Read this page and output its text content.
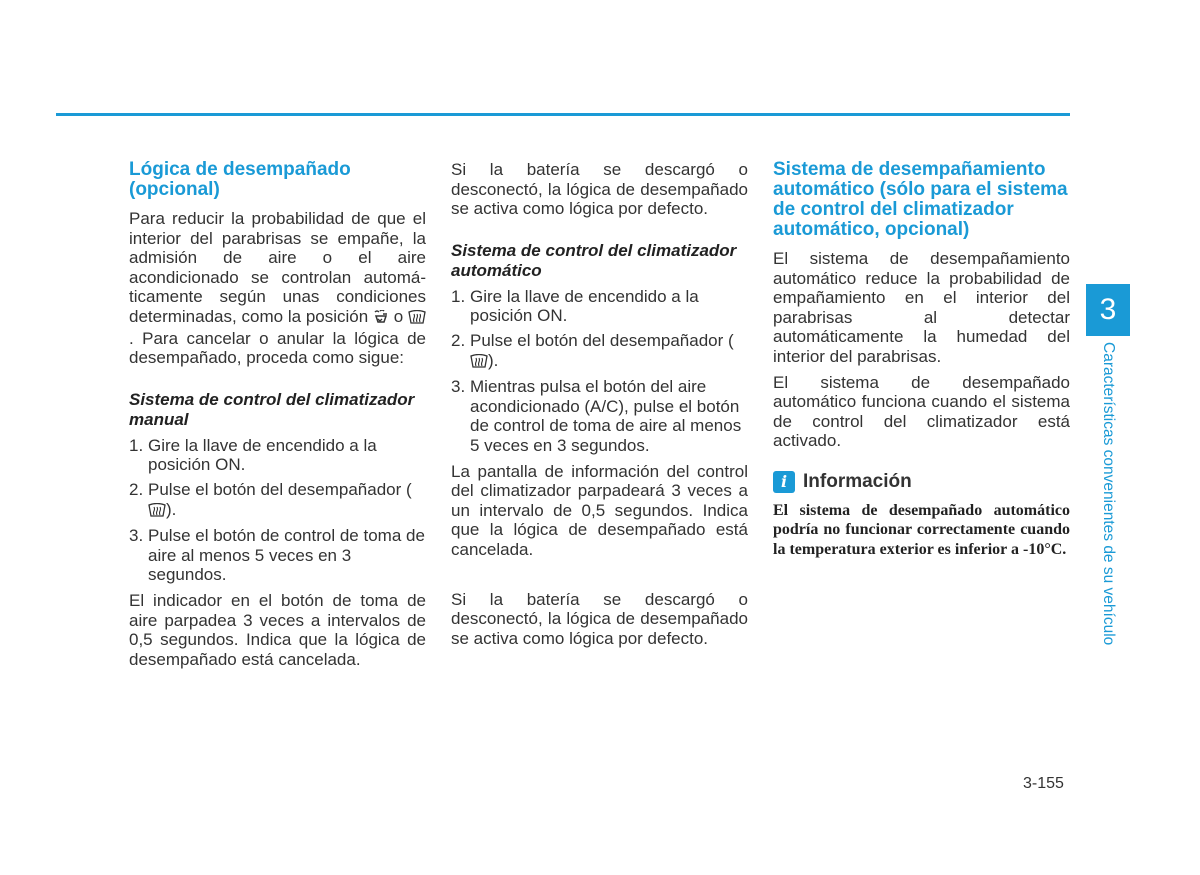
Lógica de desempañado (opcional)

Para reducir la probabilidad de que el interior del parabrisas se empañe, la admisión de aire o el aire acondicionado se controlan automáticamente según unas condiciones determinadas, como la posición  o . Para cancelar o anular la lógica de desempañado, proceda como sigue:

Sistema de control del climatizador manual
1. Gire la llave de encendido a la posición ON.
2. Pulse el botón del desempañador ().
3. Pulse el botón de control de toma de aire al menos 5 veces en 3 segundos.

El indicador en el botón de toma de aire parpadea 3 veces a intervalos de 0,5 segundos. Indica que la lógica de desempañado está cancelada.

Si la batería se descargó o desconectó, la lógica de desempañado se activa como lógica por defecto.

Sistema de control del climatizador automático
1. Gire la llave de encendido a la posición ON.
2. Pulse el botón del desempañador ().
3. Mientras pulsa el botón del aire acondicionado (A/C), pulse el botón de control de toma de aire al menos 5 veces en 3 segundos.

La pantalla de información del control del climatizador parpadeará 3 veces a un intervalo de 0,5 segundos. Indica que la lógica de desempañado está cancelada.

Si la batería se descargó o desconectó, la lógica de desempañado se activa como lógica por defecto.

Sistema de desempañamiento automático (sólo para el sistema de control del climatizador automático, opcional)

El sistema de desempañamiento automático reduce la probabilidad de empañamiento en el interior del parabrisas al detectar automáticamente la humedad del interior del parabrisas.

El sistema de desempañado automático funciona cuando el sistema de control del climatizador está activado.

i Información
El sistema de desempañado automático podría no funcionar correctamente cuando la temperatura exterior es inferior a -10°C.
3
Características convenientes de su vehículo
3-155
